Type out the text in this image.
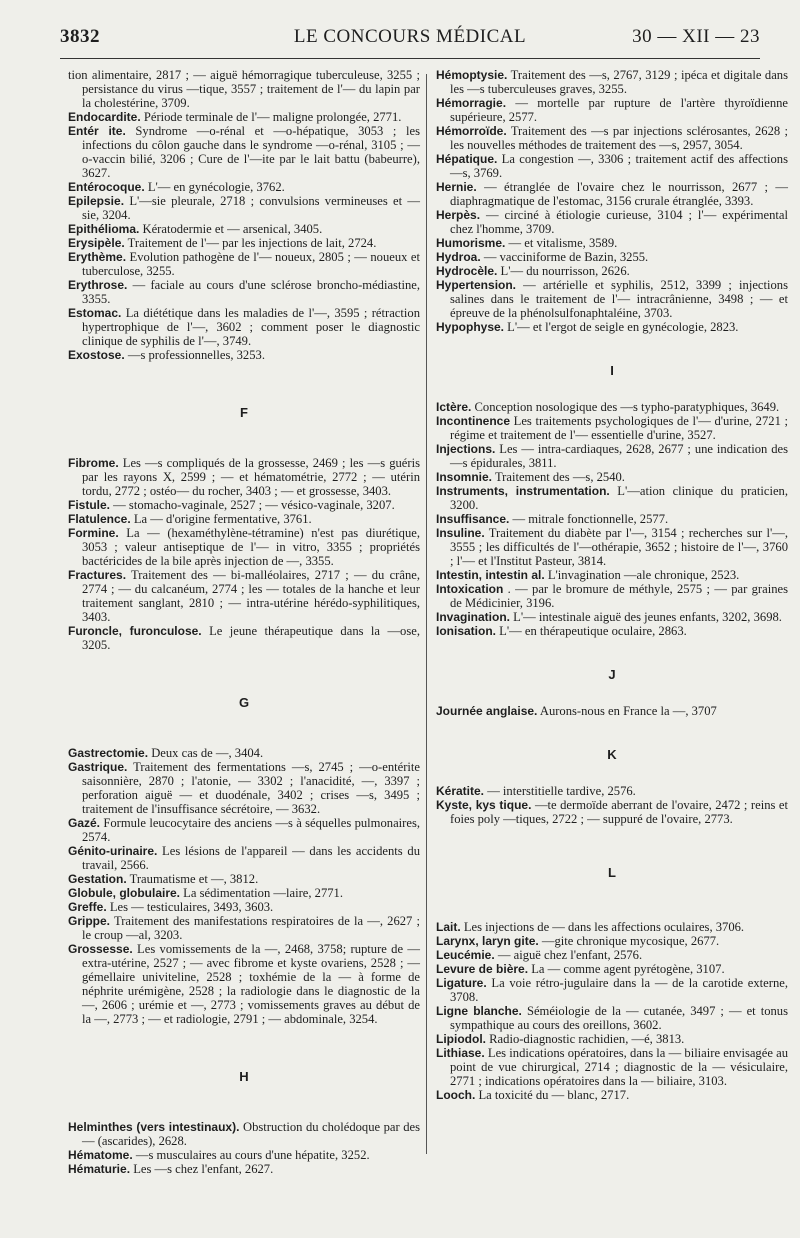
3832	LE CONCOURS MÉDICAL	30 — XII — 23
tion alimentaire, 2817 ; — aiguë hémorragique tuberculeuse, 3255 ; persistance du virus —tique, 3557 ; traitement de l'— du lapin par la cholestérine, 3709.
Endocardite. Période terminale de l'— maligne prolongée, 2771.
Entér ite. Syndrome —o-rénal et —o-hépatique, 3053 ; les infections du côlon gauche dans le syndrome —o-rénal, 3105 ; —o-vaccin bilié, 3206 ; Cure de l'—ite par le lait battu (babeurre), 3627.
Entérocoque. L'— en gynécologie, 3762.
Epilepsie. L'—sie pleurale, 2718 ; convulsions vermineuses et —sie, 3204.
Epithélioma. Kératodermie et — arsenical, 3405.
Erysipèle. Traitement de l'— par les injections de lait, 2724.
Erythème. Evolution pathogène de l'— noueux, 2805 ; — noueux et tuberculose, 3255.
Erythrose. — faciale au cours d'une sclérose broncho-médiastine, 3355.
Estomac. La diététique dans les maladies de l'—, 3595 ; rétraction hypertrophique de l'—, 3602 ; comment poser le diagnostic clinique de syphilis de l'—, 3749.
Exostose. —s professionnelles, 3253.
F
Fibrome. Les —s compliqués de la grossesse, 2469 ; les —s guéris par les rayons X, 2599 ; — et hématométrie, 2772 ; — utérin tordu, 2772 ; ostéo— du rocher, 3403 ; — et grossesse, 3403.
Fistule. — stomacho-vaginale, 2527 ; — vésico-vaginale, 3207.
Flatulence. La — d'origine fermentative, 3761.
Formine. La — (hexaméthylène-tétramine) n'est pas diurétique, 3053 ; valeur antiseptique de l'— in vitro, 3355 ; propriétés bactéricides de la bile après injection de —, 3355.
Fractures. Traitement des — bi-malléolaires, 2717 ; — du crâne, 2774 ; — du calcanéum, 2774 ; les — totales de la hanche et leur traitement sanglant, 2810 ; — intra-utérine hérédo-syphilitiques, 3403.
Furoncle, furonculose. Le jeune thérapeutique dans la —ose, 3205.
G
Gastrectomie. Deux cas de —, 3404.
Gastrique. Traitement des fermentations —s, 2745 ; —o-entérite saisonnière, 2870 ; l'atonie, — 3302 ; l'anacidité, —, 3397 ; perforation aiguë — et duodénale, 3402 ; crises —s, 3495 ; traitement de l'insuffisance sécrétoire, — 3632.
Gazé. Formule leucocytaire des anciens —s à séquelles pulmonaires, 2574.
Génito-urinaire. Les lésions de l'appareil — dans les accidents du travail, 2566.
Gestation. Traumatisme et —, 3812.
Globule, globulaire. La sédimentation —laire, 2771.
Greffe. Les — testiculaires, 3493, 3603.
Grippe. Traitement des manifestations respiratoires de la —, 2627 ; le croup —al, 3203.
Grossesse. Les vomissements de la —, 2468, 3758; rupture de — extra-utérine, 2527 ; — avec fibrome et kyste ovariens, 2528 ; — gémellaire univiteline, 2528 ; toxhémie de la — à forme de néphrite urémigène, 2528 ; la radiologie dans le diagnostic de la —, 2606 ; urémie et —, 2773 ; vomissements graves au début de la —, 2773 ; — et radiologie, 2791 ; — abdominale, 3254.
H
Helminthes (vers intestinaux). Obstruction du cholédoque par des — (ascarides), 2628.
Hématome. —s musculaires au cours d'une hépatite, 3252.
Hématurie. Les —s chez l'enfant, 2627.
Hémoptysie. Traitement des —s, 2767, 3129 ; ipéca et digitale dans les —s tuberculeuses graves, 3255.
Hémorragie. — mortelle par rupture de l'artère thyroïdienne supérieure, 2577.
Hémorroïde. Traitement des —s par injections sclérosantes, 2628 ; les nouvelles méthodes de traitement des —s, 2957, 3054.
Hépatique. La congestion —, 3306 ; traitement actif des affections —s, 3769.
Hernie. — étranglée de l'ovaire chez le nourrisson, 2677 ; — diaphragmatique de l'estomac, 3156 crurale étranglée, 3393.
Herpès. — circiné à étiologie curieuse, 3104 ; l'— expérimental chez l'homme, 3709.
Humorisme. — et vitalisme, 3589.
Hydroa. — vacciniforme de Bazin, 3255.
Hydrocèle. L'— du nourrisson, 2626.
Hypertension. — artérielle et syphilis, 2512, 3399 ; injections salines dans le traitement de l'— intracrânienne, 3498 ; — et épreuve de la phénolsulfonaphtaléine, 3703.
Hypophyse. L'— et l'ergot de seigle en gynécologie, 2823.
I
Ictère. Conception nosologique des —s typho-paratyphiques, 3649.
Incontinence Les traitements psychologiques de l'— d'urine, 2721 ; régime et traitement de l'— essentielle d'urine, 3527.
Injections. Les — intra-cardiaques, 2628, 2677 ; une indication des —s épidurales, 3811.
Insomnie. Traitement des —s, 2540.
Instruments, instrumentation. L'—ation clinique du praticien, 3200.
Insuffisance. — mitrale fonctionnelle, 2577.
Insuline. Traitement du diabète par l'—, 3154 ; recherches sur l'—, 3555 ; les difficultés de l'—othérapie, 3652 ; histoire de l'—, 3760 ; l'— et l'Institut Pasteur, 3814.
Intestin, intestin al. L'invagination —ale chronique, 2523.
Intoxication . — par le bromure de méthyle, 2575 ; — par graines de Médicinier, 3196.
Invagination. L'— intestinale aiguë des jeunes enfants, 3202, 3698.
Ionisation. L'— en thérapeutique oculaire, 2863.
J
Journée anglaise. Aurons-nous en France la —, 3707
K
Kératite. — interstitielle tardive, 2576.
Kyste, kys tique. —te dermoïde aberrant de l'ovaire, 2472 ; reins et foies poly —tiques, 2722 ; — suppuré de l'ovaire, 2773.
L
Lait. Les injections de — dans les affections oculaires, 3706.
Larynx, laryn gite. —gite chronique mycosique, 2677.
Leucémie. — aiguë chez l'enfant, 2576.
Levure de bière. La — comme agent pyrétogène, 3107.
Ligature. La voie rétro-jugulaire dans la — de la carotide externe, 3708.
Ligne blanche. Séméiologie de la — cutanée, 3497 ; — et tonus sympathique au cours des oreillons, 3602.
Lipiodol. Radio-diagnostic rachidien, —é, 3813.
Lithiase. Les indications opératoires, dans la — biliaire envisagée au point de vue chirurgical, 2714 ; diagnostic de la — vésiculaire, 2771 ; indications opératoires dans la — biliaire, 3103.
Looch. La toxicité du — blanc, 2717.
